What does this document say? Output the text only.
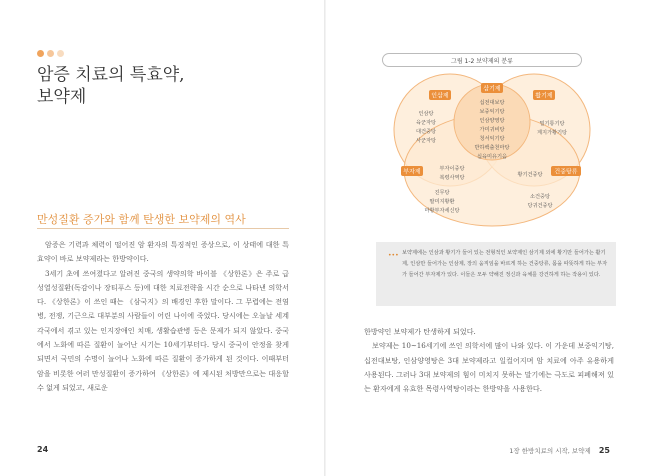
암증 치료의 특효약,
보약제
만성질환 증가와 함께 탄생한 보약제의 역사

암증은 기력과 체력이 떨어진 암 환자의 특징적인 증상으로, 이 상태에 대한 특효약이 바로 보약제라는 한방약이다.

3세기 초에 쓰여졌다고 알려진 중국의 생약의학 바이블 《상한론》은 주로 급성열성질환(독감이나 장티푸스 등)에 대한 치료전략을 시간 순으로 나타낸 의학서다. 《상한론》이 쓰인 때는 《삼국지》의 배경인 후한 말이다. 그 무렵에는 전염병, 전쟁, 기근으로 대부분의 사람들이 어린 나이에 죽었다. 당시에는 오늘날 세계 각국에서 겪고 있는 인지장애인 치매, 생활습관병 등은 문제가 되지 않았다. 중국에서 노화에 따른 질환이 늘어난 시기는 10세기부터다. 당시 중국이 안정을 찾게 되면서 국민의 수명이 늘어나 노화에 따른 질환이 증가하게 된 것이다. 이때부터 암을 비롯한 여러 만성질환이 증가하여 《상한론》에 제시된 처방만으로는 대응할 수 없게 되었고, 새로운

24
그림 1-2 보약제의 분류
인삼제
삼기제
활기제
부자제	건중탕류
인삼탕
육군자탕
대건중탕
사군자탕
십전대보탕
보중익기탕
인삼양영탕
가미귀비탕
청서익기탕
반하백출천마탕
십육미유기음
밀기통기탕
계지가황기탕
부자이중탕
복령사역탕	황기건중탕
진무탕
팔미지황환
마황부자세신탕
소건중탕
당귀건중탕
••• 보약제에는 인삼과 황기가 들어 있는 전형적인 보약제인 삼기제 외에 황기만 들어가는 활기제, 인삼만 들어가는 인삼제, 장의 움직임을 바르게 하는 건중탕류, 몸을 따뜻하게 하는 부자가 들어간 부자제가 있다. 이들은 모두 약해진 정신과 육체를 강건하게 하는 작용이 있다.

한방약인 보약제가 탄생하게 되었다.

보약제는 10~16세기에 쓰인 의학서에 많이 나와 있다. 이 가운데 보중익기탕, 십전대보탕, 인삼양영탕은 3대 보약제라고 일컬어지며 암 치료에 아주 유용하게 사용된다. 그러나 3대 보약제의 힘이 미치지 못하는 말기에는 극도로 피폐해져 있는 환자에게 유효한 목령사역탕이라는 한방약을 사용한다.

1장 한방치료의 시작, 보약제 25
